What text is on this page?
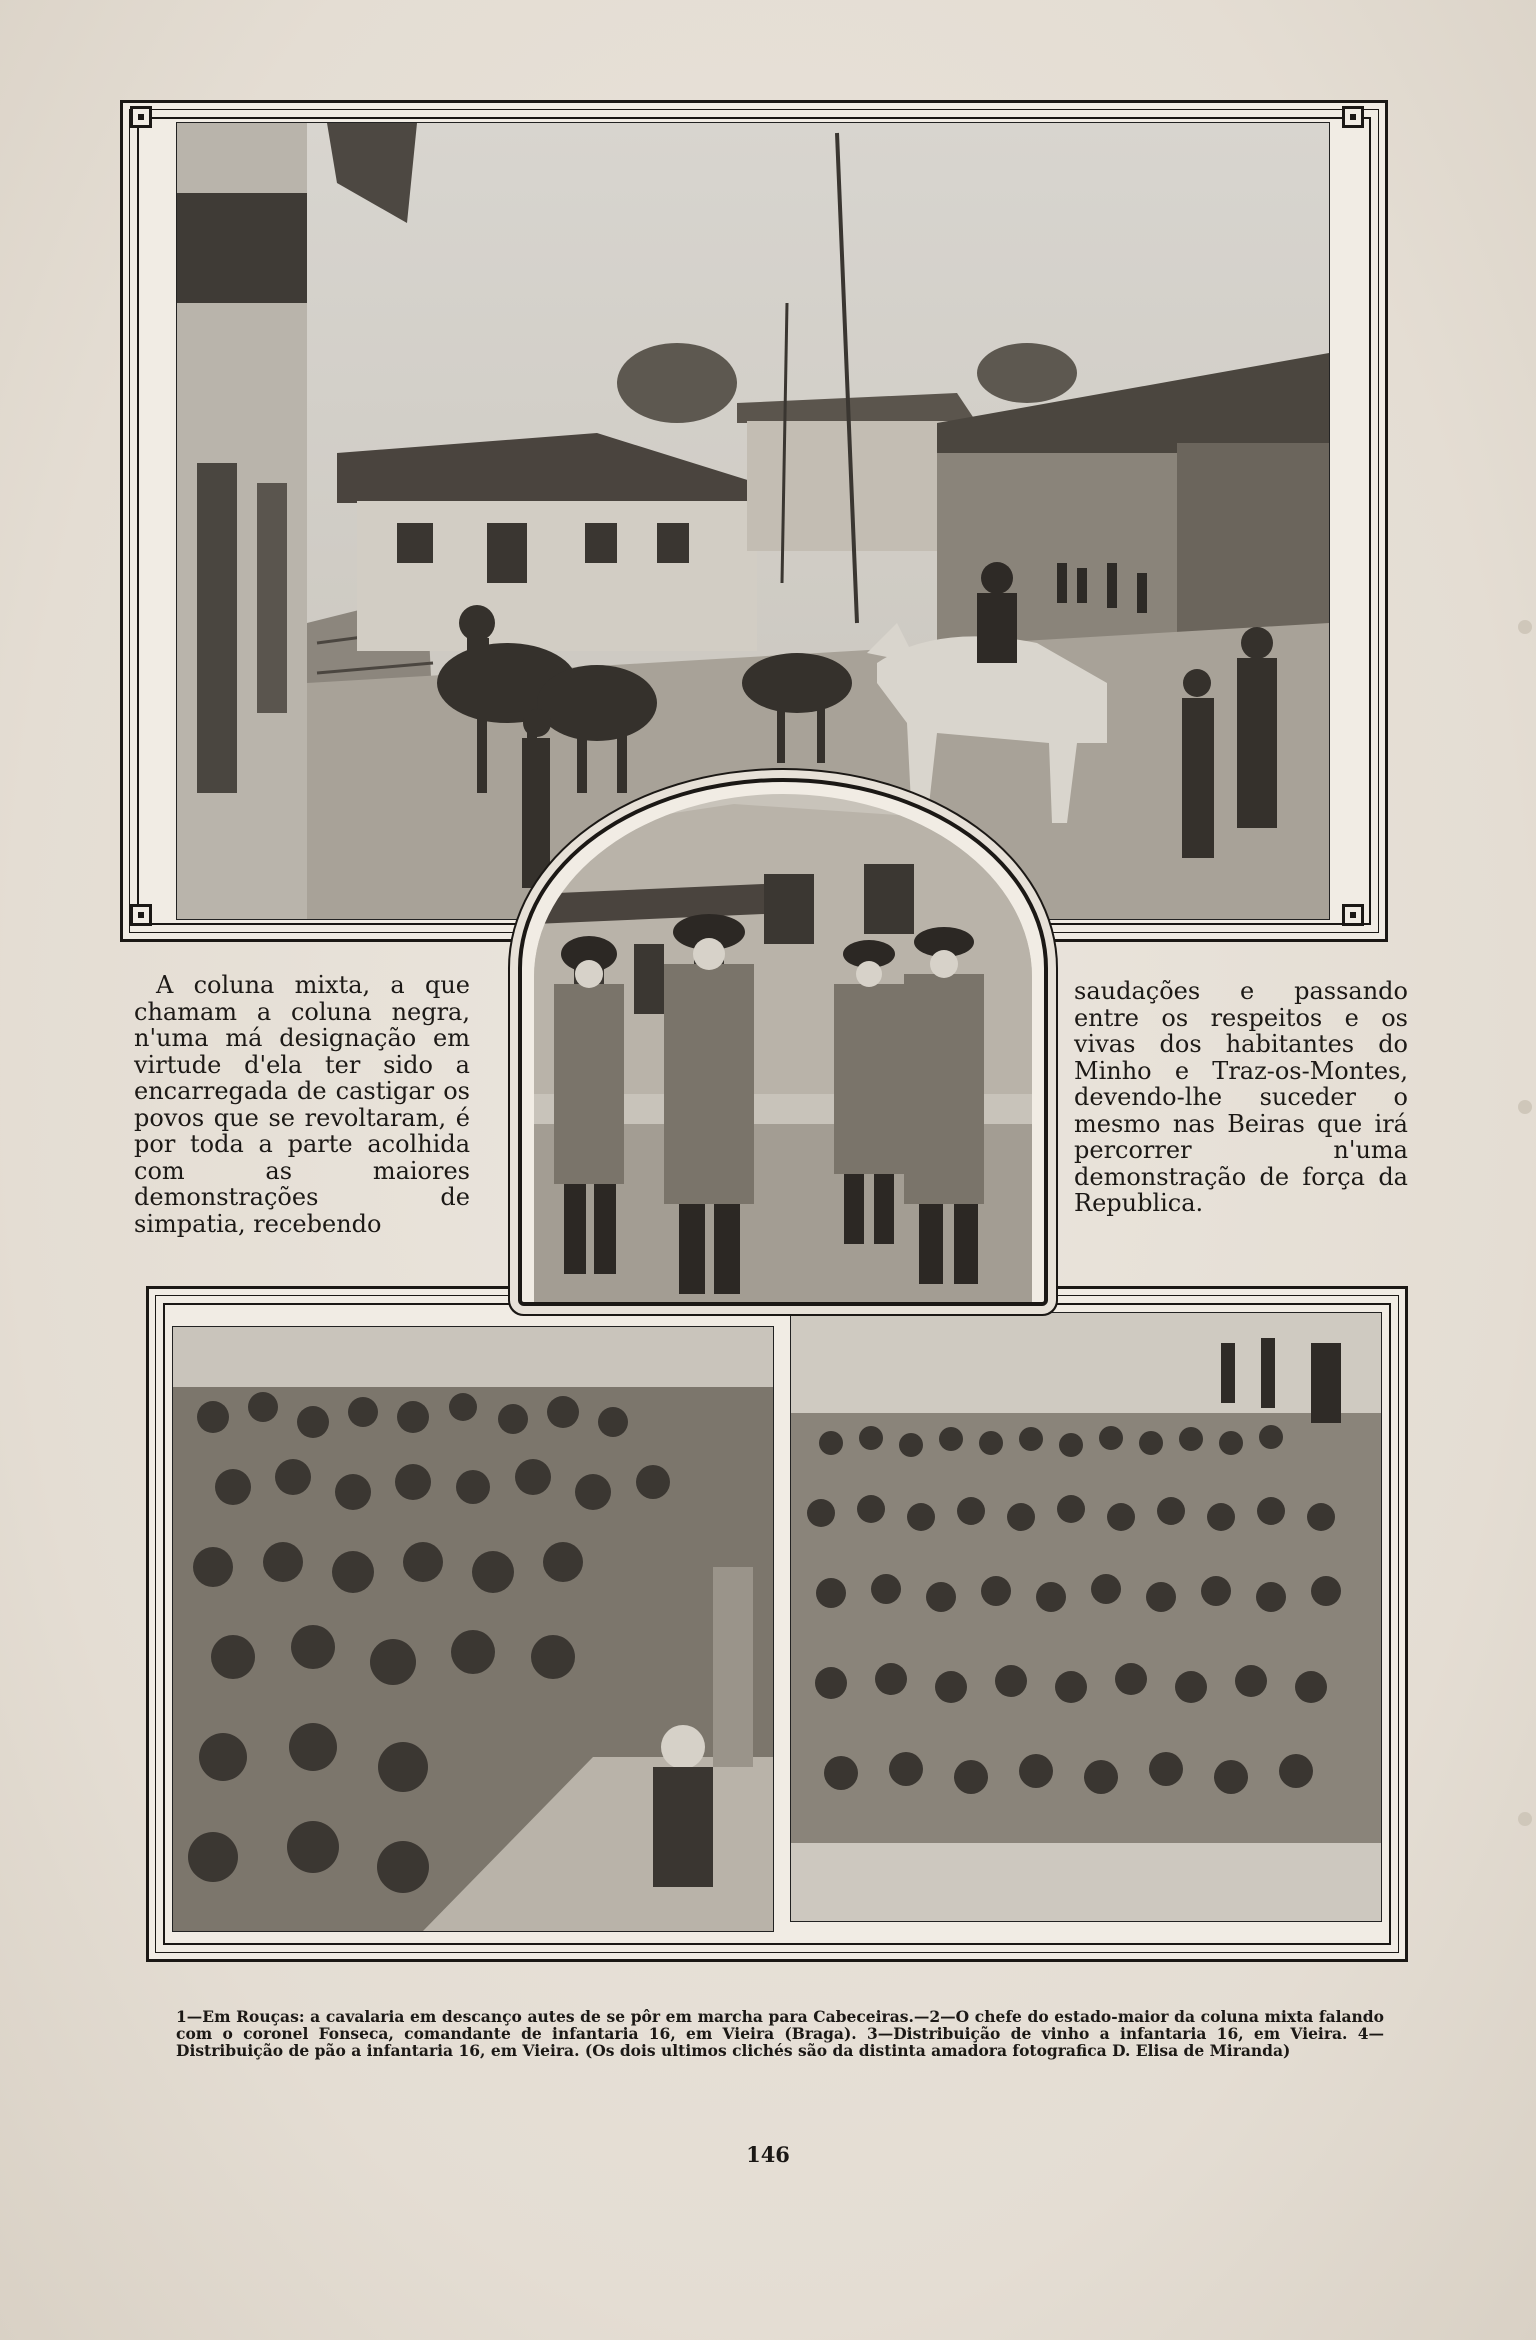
A coluna mixta, a que chamam a coluna negra, n'uma má designação em virtude d'ela ter sido a encarregada de castigar os povos que se revoltaram, é por toda a parte acolhida com as maiores demonstrações de simpatia, recebendo

saudações e passando entre os respeitos e os vivas dos habitantes do Minho e Traz-os-Montes, devendo-lhe suceder o mesmo nas Beiras que irá percorrer n'uma demonstração de força da Republica.

1—Em Rouças: a cavalaria em descanço autes de se pôr em marcha para Cabeceiras.—2—O chefe do estado-maior da coluna mixta falando com o coronel Fonseca, comandante de infantaria 16, em Vieira (Braga). 3—Distribuição de vinho a infantaria 16, em Vieira. 4—Distribuição de pão a infantaria 16, em Vieira. (Os dois ultimos clichés são da distinta amadora fotografica D. Elisa de Miranda)
146
